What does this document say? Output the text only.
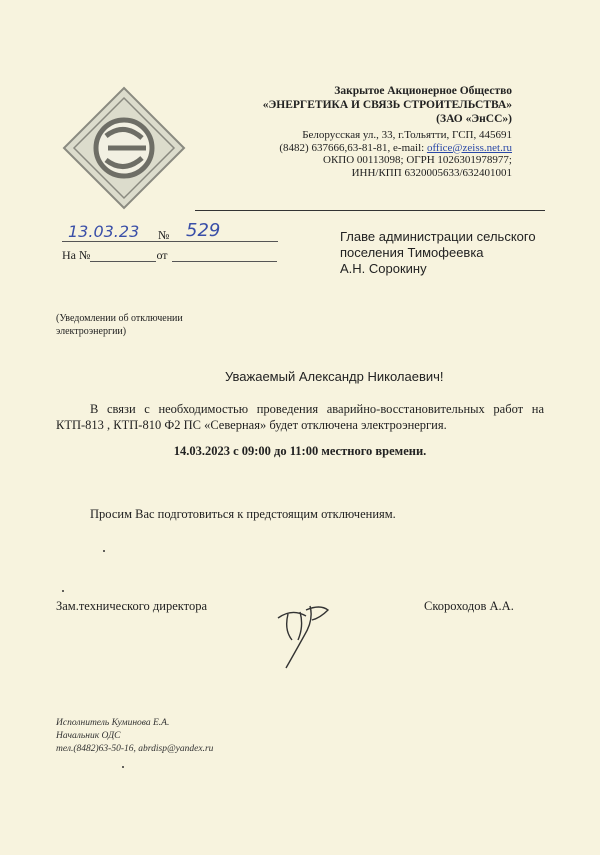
Закрытое Акционерное Общество
«ЭНЕРГЕТИКА И СВЯЗЬ СТРОИТЕЛЬСТВА»
(ЗАО «ЭнСС»)
Белорусская ул., 33, г.Тольятти, ГСП, 445691
(8482) 637666,63-81-81, e-mail: office@zeiss.net.ru
ОКПО 00113098; ОГРН 1026301978977;
ИНН/КПП 6320005633/632401001
13.03.23 № 529
На №	от
Главе администрации сельского
поселения Тимофеевка
А.Н. Сорокину
(Уведомлении об отключении
электроэнергии)
Уважаемый Александр Николаевич!
В связи с необходимостью проведения аварийно-восстановительных работ на КТП-813 , КТП-810 Ф2 ПС «Северная» будет отключена электроэнергия.
14.03.2023 с 09:00 до 11:00 местного времени.
Просим Вас подготовиться к предстоящим отключениям.
Зам.технического директора	Скороходов А.А.
Исполнитель Куминова Е.А.
Начальник ОДС
тел.(8482)63-50-16, abrdisp@yandex.ru
